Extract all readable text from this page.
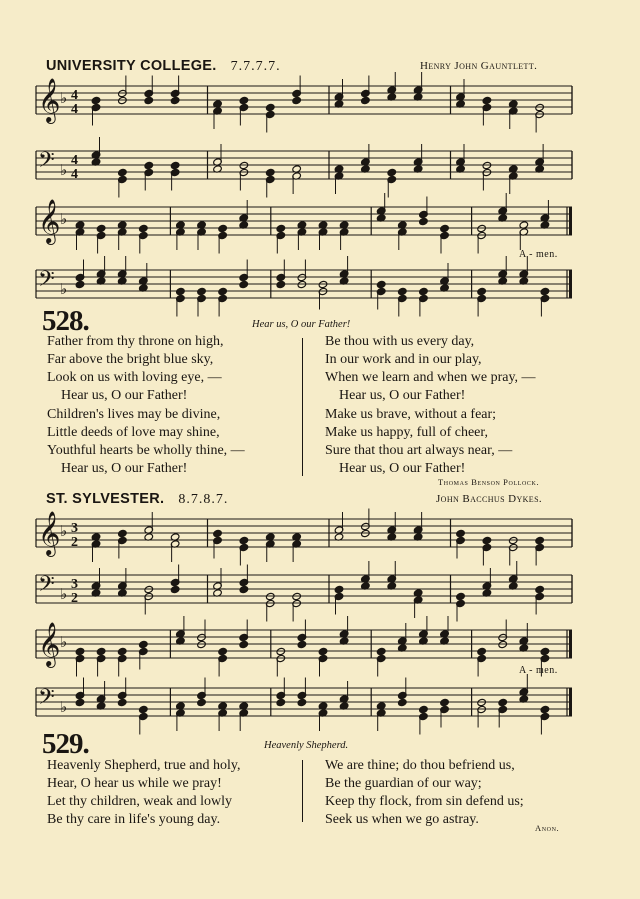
UNIVERSITY COLLEGE. 7.7.7.7.	Henry John Gauntlett.
𝄞 ♭ 4
4
𝄢 ♭
4
4
𝄞 ♭
𝄢 ♭
A - men.
528.	Hear us, O our Father!
Father from thy throne on high,
Far above the bright blue sky,
Look on us with loving eye, —
Hear us, O our Father!
Children's lives may be divine,
Little deeds of love may shine,
Youthful hearts be wholly thine, —
Hear us, O our Father!
Be thou with us every day,
In our work and in our play,
When we learn and when we pray, —
Hear us, O our Father!
Make us brave, without a fear;
Make us happy, full of cheer,
Sure that thou art always near, —
Hear us, O our Father!
Thomas Benson Pollock.
ST. SYLVESTER. 8.7.8.7.	John Bacchus Dykes.
𝄞 ♭ 3
2
𝄢 ♭
3
2
𝄞 ♭
𝄢 ♭
A - men.
529.	Heavenly Shepherd.
Heavenly Shepherd, true and holy,
Hear, O hear us while we pray!
Let thy children, weak and lowly
Be thy care in life's young day.
We are thine; do thou befriend us,
Be the guardian of our way;
Keep thy flock, from sin defend us;
Seek us when we go astray.
Anon.
